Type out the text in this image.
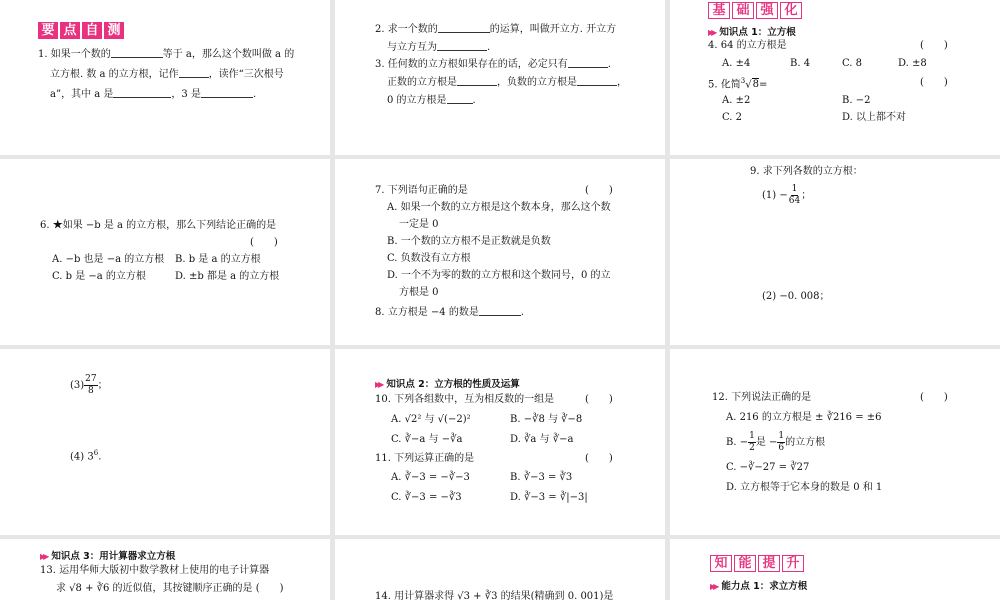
要 点 自 测
1. 如果一个数的	等于 a，那么这个数叫做 a 的
立方根. 数 a 的立方根，记作	，读作“三次根号
a”，其中 a 是	，3 是	.
2. 求一个数的	的运算，叫做开立方. 开立方
与立方互为	.
3. 任何数的立方根如果存在的话，必定只有	.
正数的立方根是	，负数的立方根是	，
0 的立方根是	.
基 础 强 化
▶▶ 知识点 1：立方根
4. 64 的立方根是	(　　)
A. ±4	B. 4	C. 8	D. ±8
5. 化简$^3$√8=	(　　)
A. ±2	B. −2
C. 2	D. 以上都不对
6. ★如果 −b 是 a 的立方根，那么下列结论正确的是
(　　)
A. −b 也是 −a 的立方根 B. b 是 a 的立方根
C. b 是 −a 的立方根	D. ±b 都是 a 的立方根
7. 下列语句正确的是	(　　)
A. 如果一个数的立方根是这个数本身，那么这个数
一定是 0
B. 一个数的立方根不是正数就是负数
C. 负数没有立方根
D. 一个不为零的数的立方根和这个数同号，0 的立
方根是 0
8. 立方根是 −4 的数是	.
9. 求下列各数的立方根：
$(1) - \frac{1}{64}$ ；
(2) −0. 008；
$(3) \frac{27}{8}$ ；
(4) $3^6$.
▶▶ 知识点 2：立方根的性质及运算
10. 下列各组数中，互为相反数的一组是	(　　)
A. √2² 与 √(−2)²	B. −∛8 与 ∛−8
C. ∛−a 与 −∛a	D. ∛a 与 ∛−a
11. 下列运算正确的是	(　　)
A. ∛−3 = −∛−3	B. ∛−3 = ∛3
C. ∛−3 = −∛3	D. ∛−3 = ∛|−3|
12. 下列说法正确的是	(　　)
A. 216 的立方根是 ± ∛216 = ±6
B. − $\frac{1}{2}$ 是 − $\frac{1}{6}$ 的立方根
C. −∛−27 = ∛27
D. 立方根等于它本身的数是 0 和 1
▶▶ 知识点 3：用计算器求立方根
13. 运用华师大版初中数学教材上使用的电子计算器
求 √8 + ∛6 的近似值，其按键顺序正确的是 (　　)
14. 用计算器求得 √3 + ∛3 的结果(精确到 0. 001)是
知 能 提 升
▶▶ 能力点 1：求立方根
